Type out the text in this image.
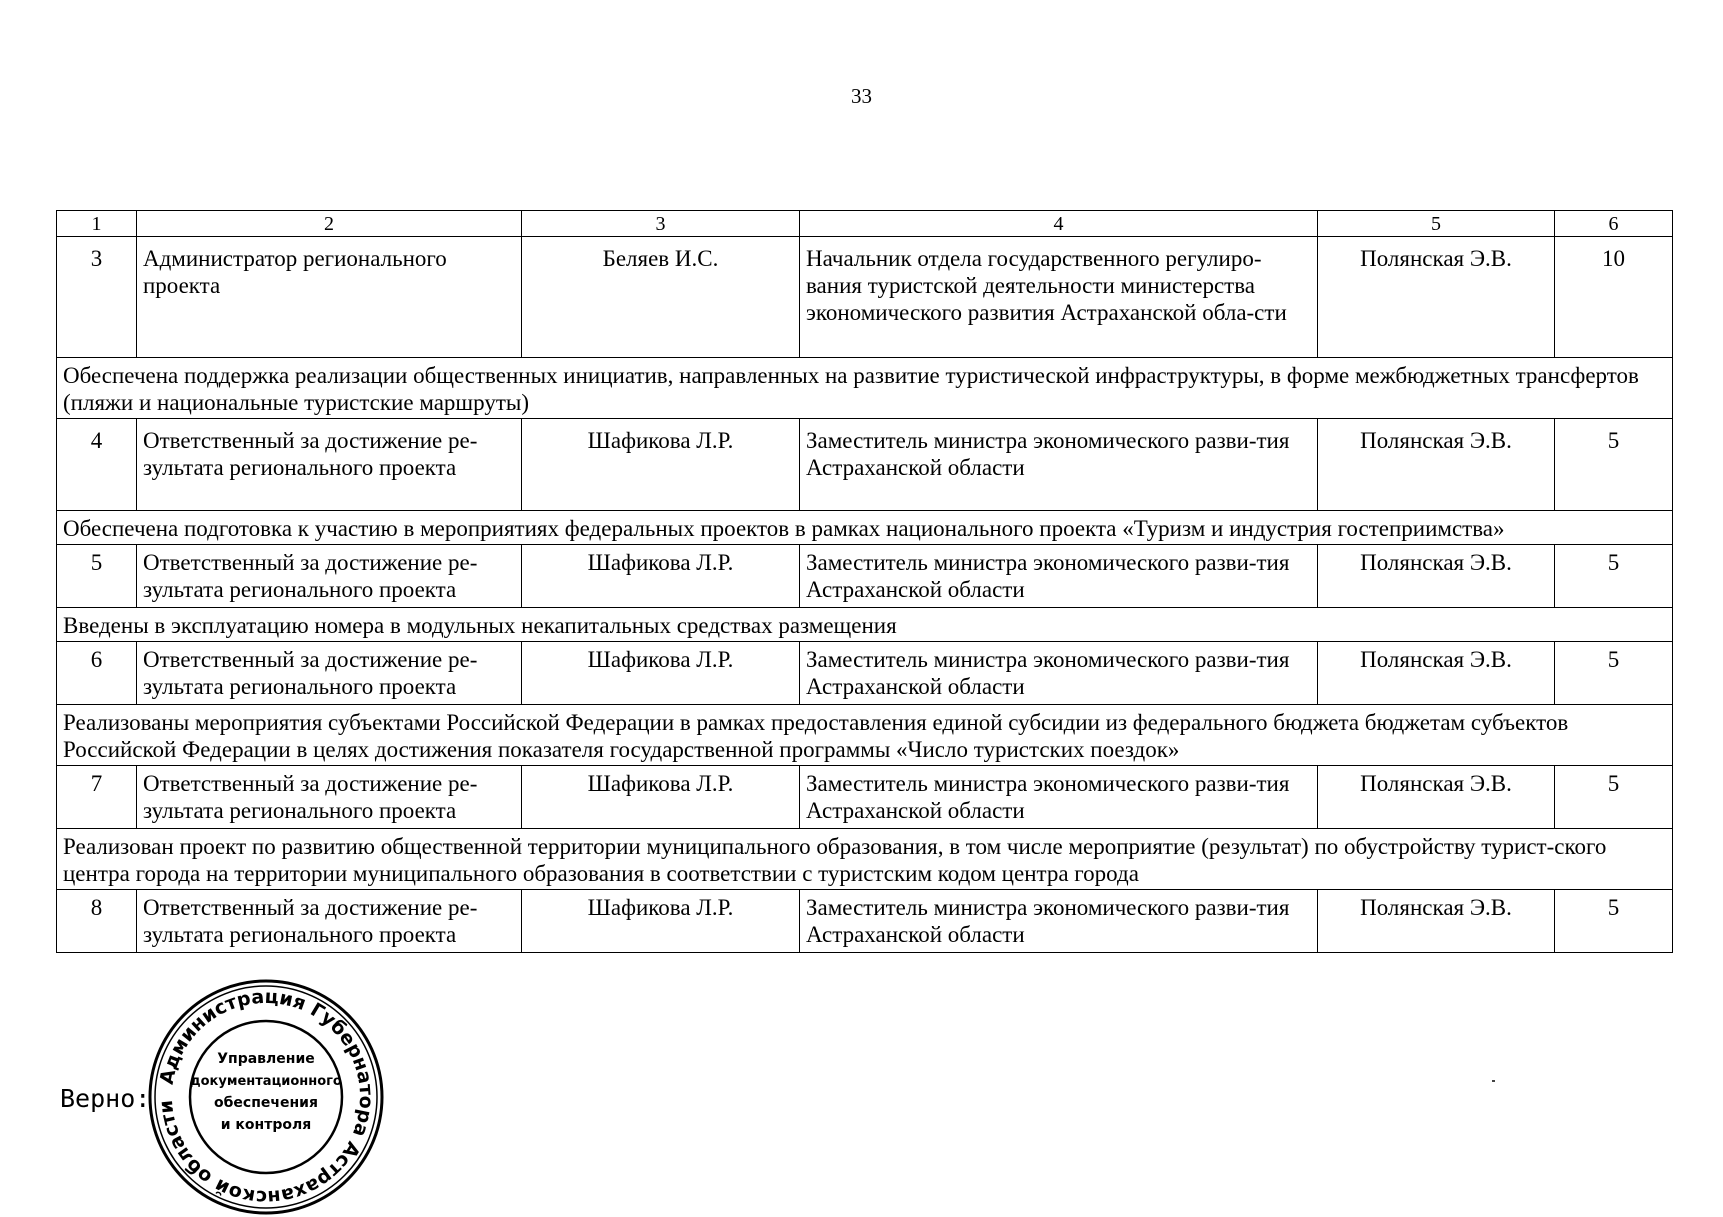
33
1	2	3	4	5	6
3	Администратор регионального проекта	Беляев И.С.	Начальник отдела государственного регулиро-вания туристской деятельности министерства экономического развития Астраханской обла-сти	Полянская Э.В.	10
Обеспечена поддержка реализации общественных инициатив, направленных на развитие туристической инфраструктуры, в форме межбюджетных трансфертов (пляжи и национальные туристские маршруты)					
4	Ответственный за достижение ре-зультата регионального проекта	Шафикова Л.Р.	Заместитель министра экономического разви-тия Астраханской области	Полянская Э.В.	5
Обеспечена подготовка к участию в мероприятиях федеральных проектов в рамках национального проекта «Туризм и индустрия гостеприимства»					
5	Ответственный за достижение ре-зультата регионального проекта	Шафикова Л.Р.	Заместитель министра экономического разви-тия Астраханской области	Полянская Э.В.	5
Введены в эксплуатацию номера в модульных некапитальных средствах размещения					
6	Ответственный за достижение ре-зультата регионального проекта	Шафикова Л.Р.	Заместитель министра экономического разви-тия Астраханской области	Полянская Э.В.	5
Реализованы мероприятия субъектами Российской Федерации в рамках предоставления единой субсидии из федерального бюджета бюджетам субъектов Российской Федерации в целях достижения показателя государственной программы «Число туристских поездок»					
7	Ответственный за достижение ре-зультата регионального проекта	Шафикова Л.Р.	Заместитель министра экономического разви-тия Астраханской области	Полянская Э.В.	5
Реализован проект по развитию общественной территории муниципального образования, в том числе мероприятие (результат) по обустройству турист-ского центра города на территории муниципального образования в соответствии с туристским кодом центра города					
8	Ответственный за достижение ре-зультата регионального проекта	Шафикова Л.Р.	Заместитель министра экономического разви-тия Астраханской области	Полянская Э.В.	5
Администрация Губернатора Астраханской области
Управление
документационного
обеспечения
и контроля
Верно:
